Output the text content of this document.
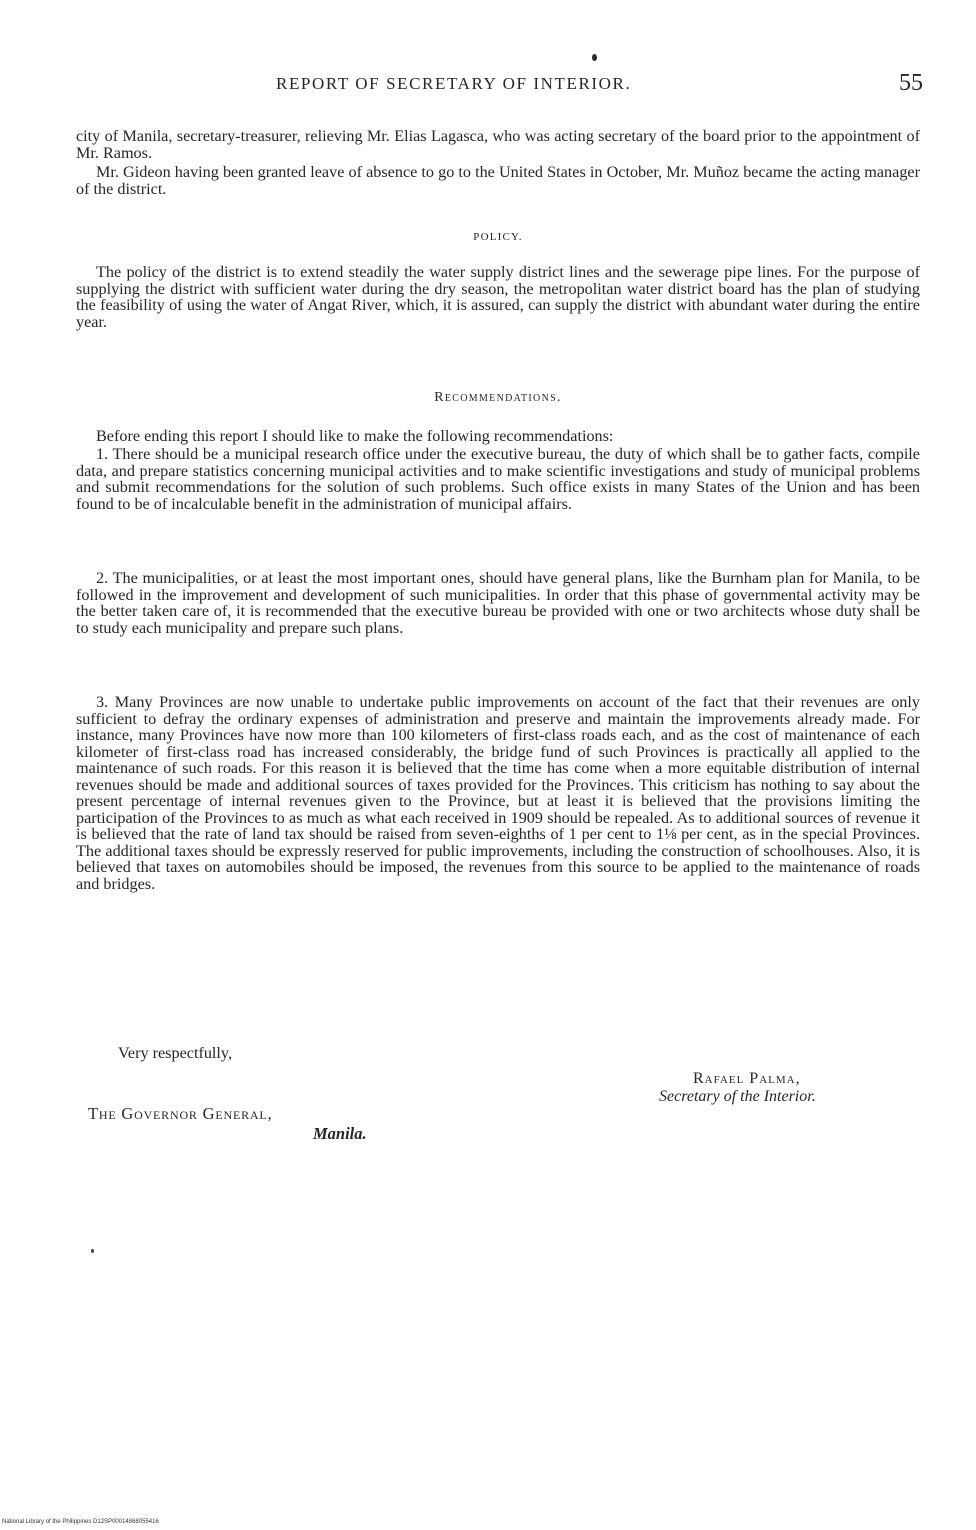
REPORT OF SECRETARY OF INTERIOR.	55

city of Manila, secretary-treasurer, relieving Mr. Elias Lagasca, who was acting secretary of the board prior to the appointment of Mr. Ramos.

Mr. Gideon having been granted leave of absence to go to the United States in October, Mr. Muñoz became the acting manager of the district.

POLICY.

The policy of the district is to extend steadily the water supply district lines and the sewerage pipe lines. For the purpose of supplying the district with sufficient water during the dry season, the metropolitan water district board has the plan of studying the feasibility of using the water of Angat River, which, it is assured, can supply the district with abundant water during the entire year.

Recommendations.

Before ending this report I should like to make the following recommendations:

1. There should be a municipal research office under the executive bureau, the duty of which shall be to gather facts, compile data, and prepare statistics concerning municipal activities and to make scientific investigations and study of municipal problems and submit recommendations for the solution of such problems. Such office exists in many States of the Union and has been found to be of incalculable benefit in the administration of municipal affairs.

2. The municipalities, or at least the most important ones, should have general plans, like the Burnham plan for Manila, to be followed in the improvement and development of such municipalities. In order that this phase of governmental activity may be the better taken care of, it is recommended that the executive bureau be provided with one or two architects whose duty shall be to study each municipality and prepare such plans.

3. Many Provinces are now unable to undertake public improvements on account of the fact that their revenues are only sufficient to defray the ordinary expenses of administration and preserve and maintain the improvements already made. For instance, many Provinces have now more than 100 kilometers of first-class roads each, and as the cost of maintenance of each kilometer of first-class road has increased considerably, the bridge fund of such Provinces is practically all applied to the maintenance of such roads. For this reason it is believed that the time has come when a more equitable distribution of internal revenues should be made and additional sources of taxes provided for the Provinces. This criticism has nothing to say about the present percentage of internal revenues given to the Province, but at least it is believed that the provisions limiting the participation of the Provinces to as much as what each received in 1909 should be repealed. As to additional sources of revenue it is believed that the rate of land tax should be raised from seven-eighths of 1 per cent to 1⅛ per cent, as in the special Provinces. The additional taxes should be expressly reserved for public improvements, including the construction of schoolhouses. Also, it is believed that taxes on automobiles should be imposed, the revenues from this source to be applied to the maintenance of roads and bridges.

Very respectfully,
Rafael Palma,
Secretary of the Interior.
The Governor General,
Manila.
National Library of the Philippines D12SP00014868055416
